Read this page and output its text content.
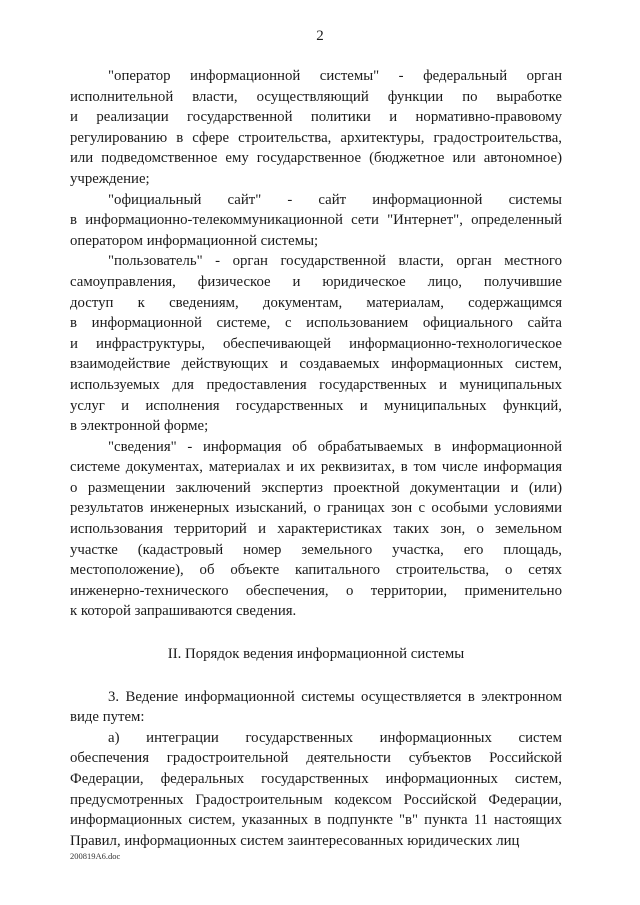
2
"оператор информационной системы" - федеральный орган
исполнительной власти, осуществляющий функции по выработке
и реализации государственной политики и нормативно-правовому
регулированию в сфере строительства, архитектуры, градостроительства,
или подведомственное ему государственное (бюджетное или автономное)
учреждение;
"официальный сайт" - сайт информационной системы
в информационно-телекоммуникационной сети "Интернет", определенный
оператором информационной системы;
"пользователь" - орган государственной власти, орган местного
самоуправления, физическое и юридическое лицо, получившие
доступ к сведениям, документам, материалам, содержащимся
в информационной системе, с использованием официального сайта
и инфраструктуры, обеспечивающей информационно-технологическое
взаимодействие действующих и создаваемых информационных систем,
используемых для предоставления государственных и муниципальных
услуг и исполнения государственных и муниципальных функций,
в электронной форме;
"сведения" - информация об обрабатываемых в информационной
системе документах, материалах и их реквизитах, в том числе информация
о размещении заключений экспертиз проектной документации и (или)
результатов инженерных изысканий, о границах зон с особыми условиями
использования территорий и характеристиках таких зон, о земельном
участке (кадастровый номер земельного участка, его площадь,
местоположение), об объекте капитального строительства, о сетях
инженерно-технического обеспечения, о территории, применительно
к которой запрашиваются сведения.
II. Порядок ведения информационной системы
3. Ведение информационной системы осуществляется в электронном
виде путем:
а) интеграции государственных информационных систем
обеспечения градостроительной деятельности субъектов Российской
Федерации, федеральных государственных информационных систем,
предусмотренных Градостроительным кодексом Российской Федерации,
информационных систем, указанных в подпункте "в" пункта 11 настоящих
Правил, информационных систем заинтересованных юридических лиц
200819A6.doc
